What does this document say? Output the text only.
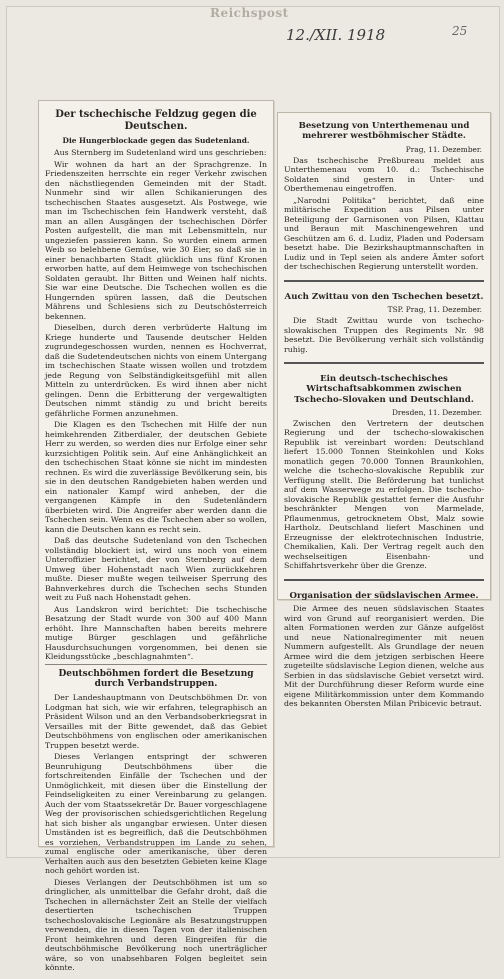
Reichspost
12./XII. 1918	25
Der tschechische Feldzug gegen die Deutschen.
Die Hungerblockade gegen das Sudetenland.

Aus Sternberg im Sudetenland wird uns geschrieben:

Wir wohnen da hart an der Sprachgrenze. In Friedenszeiten herrschte ein reger Verkehr zwischen den nächstliegenden Gemeinden mit der Stadt. Nunmehr sind wir allen Schikanierungen des tschechischen Staates ausgesetzt. Als Postwege, wie man im Tschechischen fein Handwerk versteht, daß man an allen Ausgängen der tschechischen Dörfer Posten aufgestellt, die man mit Lebensmitteln, nur ungeziefen passieren kann. So wurden einem armen Weib so belehbene Gemüse, wie 30 Eier, so daß sie in einer benachbarten Stadt glücklich uns fünf Kronen erworben hatte, auf dem Heimwege von tschechischen Soldaten geraubt. Ihr Bitten und Weinen half nichts. Sie war eine Deutsche. Die Tschechen wollen es die Hungernden spüren lassen, daß die Deutschen Mährens und Schlesiens sich zu Deutschösterreich bekennen.

Dieselben, durch deren verbrüderte Haltung im Kriege hunderte und Tausende deutscher Helden zugrundegeschossen wurden, nennen es Hochverrat, daß die Sudetendeutschen nichts von einem Untergang im tschechischen Staate wissen wollen und trotzdem jede Regung von Selbständigkeitsgefühl mit allen Mitteln zu unterdrücken. Es wird ihnen aber nicht gelingen. Denn die Erbitterung der vergewaltigten Deutschen nimmt ständig zu und bricht bereits gefährliche Formen anzunehmen.

Die Klagen es den Tschechen mit Hilfe der nun heimkehrenden Zitberdialer, der deutschen Gebiete Herr zu werden, so werden dies nur Erfolge einer sehr kurzsichtigen Politik sein. Auf eine Anhänglichkeit an den tschechischen Staat könne sie nicht im mindesten rechnen. Es wird die zuverlässige Bevölkerung sein, bis sie in den deutschen Randgebieten haben werden und ein nationaler Kampf wird anheben, der die vergangenen Kämpfe in den Sudetenländern überbieten wird. Die Angreifer aber werden dann die Tschechen sein. Wenn es die Tschechen aber so wollen, kann die Deutschen kann es recht sein.

Daß das deutsche Sudetenland von den Tschechen vollständig blockiert ist, wird uns noch von einem Unteroffizier berichtet, der von Sternberg auf dem Umweg über Hohenstadt nach Wien zurückkehren mußte. Dieser mußte wegen teilweiser Sperrung des Bahnverkehres durch die Tschechen sechs Stunden weit zu Fuß nach Hohenstadt gehen.

Aus Landskron wird berichtet: Die tschechische Besatzung der Stadt wurde von 300 auf 400 Mann erhöht. Ihre Mannschaften haben bereits mehrere mutige Bürger geschlagen und gefährliche Hausdurchsuchungen vorgenommen, bei denen sie Kleidungsstücke „beschlagnahmten“.

Deutschböhmen fordert die Besetzung durch Verbandstruppen.

Der Landeshauptmann von Deutschböhmen Dr. von Lodgman hat sich, wie wir erfahren, telegraphisch an Präsident Wilson und an den Verbandsoberkriegsrat in Versailles mit der Bitte gewendet, daß das Gebiet Deutschböhmens von englischen oder amerikanischen Truppen besetzt werde.

Dieses Verlangen entspringt der schweren Beunruhigung Deutschböhmens über die fortschreitenden Einfälle der Tschechen und der Unmöglichkeit, mit diesen über die Einstellung der Feindseligkeiten zu einer Vereinbarung zu gelangen. Auch der vom Staatssekretär Dr. Bauer vorgeschlagene Weg der provisorischen schiedsgerichtlichen Regelung hat sich bisher als ungangbar erwiesen. Unter diesen Umständen ist es begreiflich, daß die Deutschböhmen es vorziehen, Verbandstruppen im Lande zu sehen, zumal englische oder amerikanische, über deren Verhalten auch aus den besetzten Gebieten keine Klage noch gehört worden ist.

Dieses Verlangen der Deutschböhmen ist um so dringlicher, als unmittelbar die Gefahr droht, daß die Tschechen in allernächster Zeit an Stelle der vielfach desertierten tschechischen Truppen tschechoslovakische Legionäre als Besatzungstruppen verwenden, die in diesen Tagen von der italienischen Front heimkehren und deren Eingreifen für die deutschböhmische Bevölkerung noch unerträglicher wäre, so von unabsehbaren Folgen begleitet sein könnte.

Besetzung von Unterthemenau und mehrerer westböhmischer Städte.
Prag, 11. Dezember.

Das tschechische Preßbureau meldet aus Unterthemenau vom 10. d.: Tschechische Soldaten sind gestern in Unter- und Oberthemenau eingetroffen.

„Narodni Politika“ berichtet, daß eine militärische Expedition aus Pilsen unter Beteiligung der Garnisonen von Pilsen, Klattau und Beraun mit Maschinengewehren und Geschützen am 6. d. Ludiz, Pladen und Podersam besetzt habe. Die Bezirkshauptmannschaften in Ludiz und in Tepl seien als andere Ämter sofort der tschechischen Regierung unterstellt worden.

Auch Zwittau von den Tschechen besetzt.
TSP. Prag, 11. Dezember.

Die Stadt Zwittau wurde von tschecho-slowakischen Truppen des Regiments Nr. 98 besetzt. Die Bevölkerung verhält sich vollständig ruhig.

Ein deutsch-tschechisches Wirtschaftsabkommen zwischen Tschecho-Slovaken und Deutschland.
Dresden, 11. Dezember.

Zwischen den Vertretern der deutschen Regierung und der tschecho-slowakischen Republik ist vereinbart worden: Deutschland liefert 15.000 Tonnen Steinkohlen und Koks monatlich gegen 70.000 Tonnen Braunkohlen, welche die tschecho-slovakische Republik zur Verfügung stellt. Die Beförderung hat tunlichst auf dem Wasserwege zu erfolgen. Die tschecho-slovakische Republik gestattet ferner die Ausfuhr beschränkter Mengen von Marmelade, Pflaumenmus, getrocknetem Obst, Malz sowie Hartholz. Deutschland liefert Maschinen und Erzeugnisse der elektrotechnischen Industrie, Chemikalien, Kali. Der Vertrag regelt auch den wechselseitigen Eisenbahn- und Schiffahrtsverkehr über die Grenze.

Organisation der südslavischen Armee.

Die Armee des neuen südslavischen Staates wird von Grund auf reorganisiert werden. Die alten Formationen werden zur Gänze aufgelöst und neue Nationalregimenter mit neuen Nummern aufgestellt. Als Grundlage der neuen Armee wird die dem jetzigen serbischen Heere zugeteilte südslavische Legion dienen, welche aus Serbien in das südslavische Gebiet versetzt wird. Mit der Durchführung dieser Reform wurde eine eigene Militärkommission unter dem Kommando des bekannten Obersten Milan Pribicevic betraut.
